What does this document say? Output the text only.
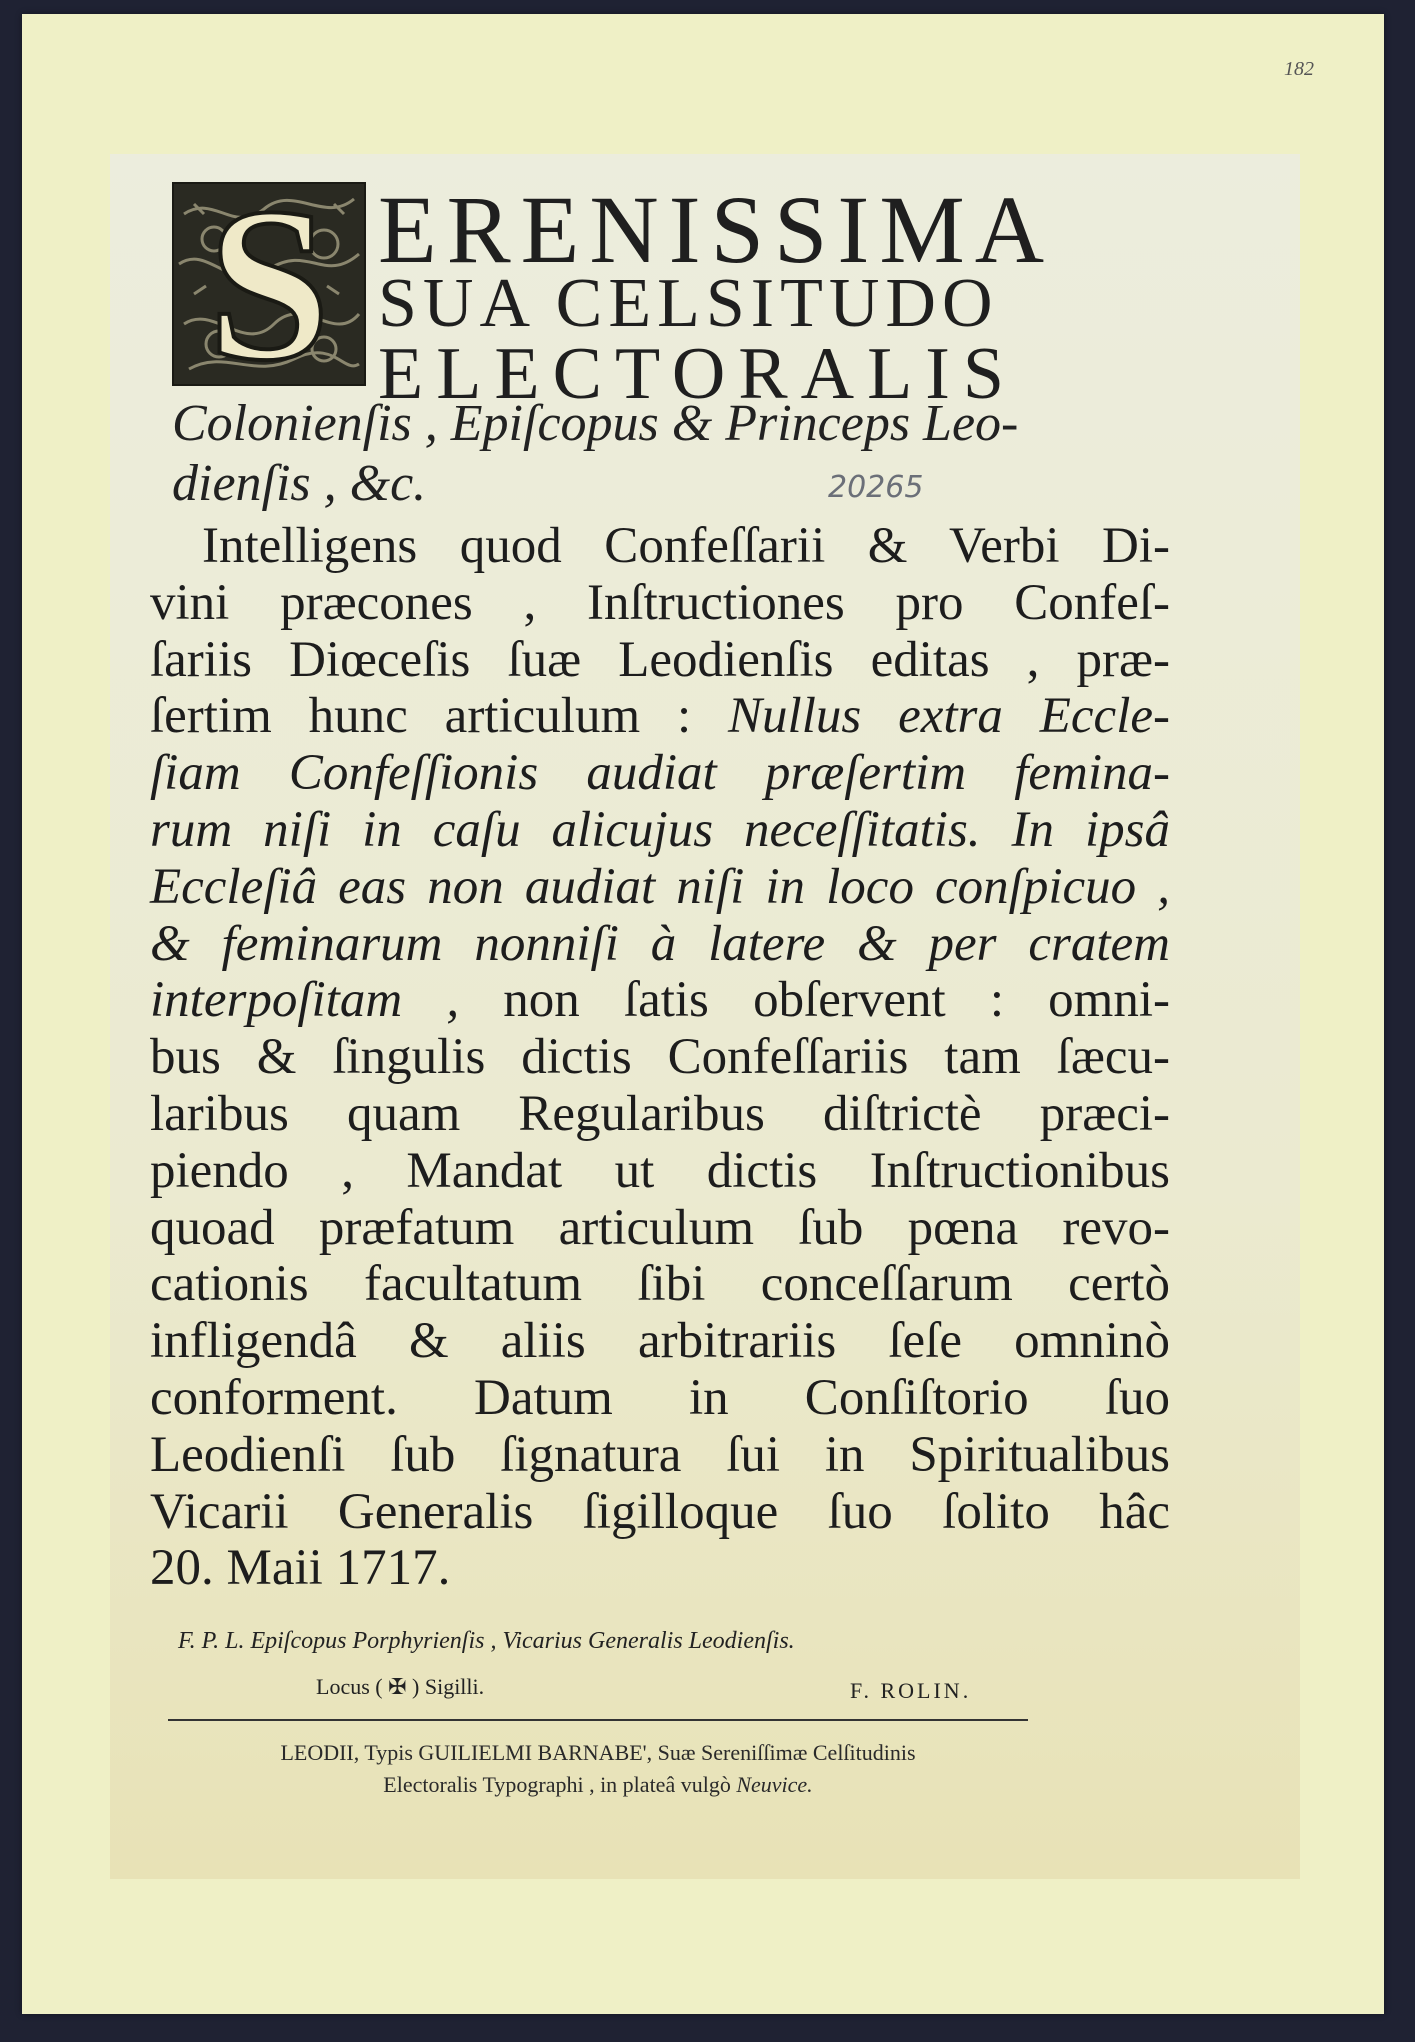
182
S ERENISSIMA
SUA CELSITUDO
ELECTORALIS
Colonienſis , Epiſcopus & Princeps Leo-
dienſis , &c.	20265
Intelligens quod Confeſſarii & Verbi Di-
vini præcones , Inſtructiones pro Confeſ-
ſariis Diœceſis ſuæ Leodienſis editas , præ-
ſertim hunc articulum : Nullus extra Eccle-
ſiam Confeſſionis audiat præſertim femina-
rum niſi in caſu alicujus neceſſitatis. In ipsâ
Eccleſiâ eas non audiat niſi in loco conſpicuo ,
& feminarum nonniſi à latere & per cratem
interpoſitam , non ſatis obſervent : omni-
bus & ſingulis dictis Confeſſariis tam ſæcu-
laribus quam Regularibus diſtrictè præci-
piendo , Mandat ut dictis Inſtructionibus
quoad præfatum articulum ſub pœna revo-
cationis facultatum ſibi conceſſarum certò
infligendâ & aliis arbitrariis ſeſe omninò
conforment. Datum in Conſiſtorio ſuo
Leodienſi ſub ſignatura ſui in Spiritualibus
Vicarii Generalis ſigilloque ſuo ſolito hâc
20. Maii 1717.
F. P. L. Epiſcopus Porphyrienſis , Vicarius Generalis Leodienſis.
Locus ( ✠ ) Sigilli.	F. ROLIN.
LEODII, Typis GUILIELMI BARNABE', Suæ Sereniſſimæ Celſitudinis
Electoralis Typographi , in plateâ vulgò Neuvice.
